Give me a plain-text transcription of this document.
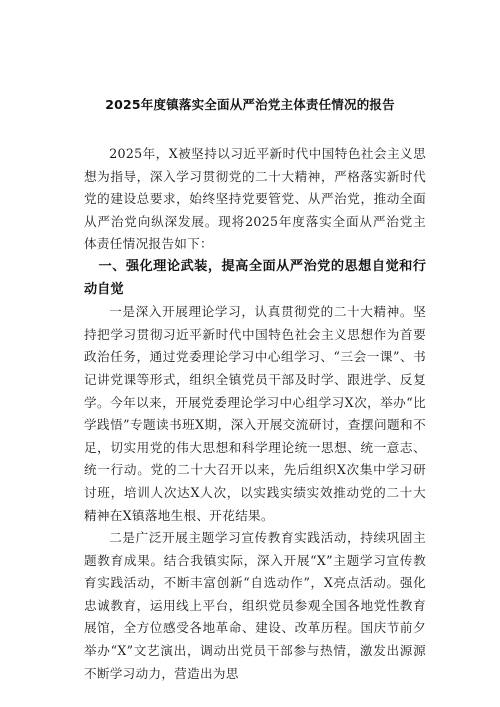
2025年度镇落实全面从严治党主体责任情况的报告

2025年，X被坚持以习近平新时代中国特色社会主义思想为指导，深入学习贯彻党的二十大精神，严格落实新时代党的建设总要求，始终坚持党要管党、从严治党，推动全面从严治党向纵深发展。现将2025年度落实全面从严治党主体责任情况报告如下：

一、强化理论武装，提高全面从严治党的思想自觉和行动自觉

一是深入开展理论学习，认真贯彻党的二十大精神。坚持把学习贯彻习近平新时代中国特色社会主义思想作为首要政治任务，通过党委理论学习中心组学习、“三会一课”、书记讲党课等形式，组织全镇党员干部及时学、跟进学、反复学。今年以来，开展党委理论学习中心组学习X次，举办“比学践悟”专题读书班X期，深入开展交流研讨，查摆问题和不足，切实用党的伟大思想和科学理论统一思想、统一意志、统一行动。党的二十大召开以来，先后组织X次集中学习研讨班，培训人次达X人次，以实践实绩实效推动党的二十大精神在X镇落地生根、开花结果。

二是广泛开展主题学习宣传教育实践活动，持续巩固主题教育成果。结合我镇实际，深入开展“X”主题学习宣传教育实践活动，不断丰富创新“自选动作”，X亮点活动。强化忠诚教育，运用线上平台，组织党员参观全国各地党性教育展馆，全方位感受各地革命、建设、改革历程。国庆节前夕举办“X”文艺演出，调动出党员干部参与热情，激发出源源不断学习动力，营造出为思
